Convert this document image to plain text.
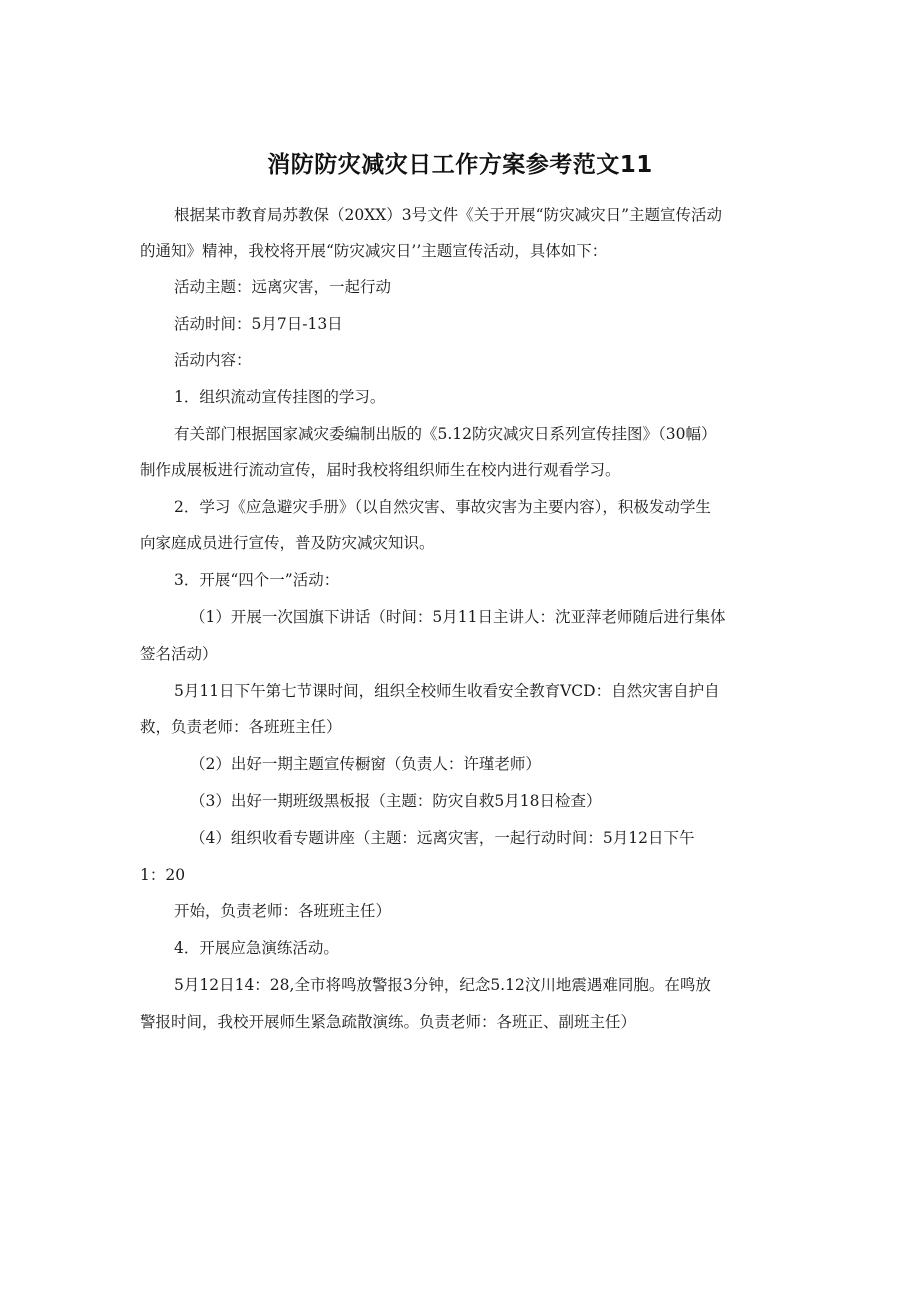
消防防灾减灾日工作方案参考范文11
根据某市教育局苏教保（20XX）3号文件《关于开展“防灾减灾日”主题宣传活动
的通知》精神，我校将开展“防灾减灾日’’主题宣传活动，具体如下：
活动主题：远离灾害，一起行动
活动时间：5月7日-13日
活动内容：
1．组织流动宣传挂图的学习。
有关部门根据国家减灾委编制出版的《5.12防灾减灾日系列宣传挂图》（30幅）
制作成展板进行流动宣传，届时我校将组织师生在校内进行观看学习。
2．学习《应急避灾手册》（以自然灾害、事故灾害为主要内容），积极发动学生
向家庭成员进行宣传，普及防灾减灾知识。
3．开展“四个一”活动：
（1）开展一次国旗下讲话（时间：5月11日主讲人：沈亚萍老师随后进行集体
签名活动）
5月11日下午第七节课时间，组织全校师生收看安全教育VCD：自然灾害自护自
救，负责老师：各班班主任）
（2）出好一期主题宣传橱窗（负责人：许瑾老师）
（3）出好一期班级黑板报（主题：防灾自救5月18日检查）
（4）组织收看专题讲座（主题：远离灾害，一起行动时间：5月12日下午
1：20
开始，负责老师：各班班主任）
4．开展应急演练活动。
5月12日14：28,全市将鸣放警报3分钟，纪念5.12汶川地震遇难同胞。在鸣放
警报时间，我校开展师生紧急疏散演练。负责老师：各班正、副班主任）
